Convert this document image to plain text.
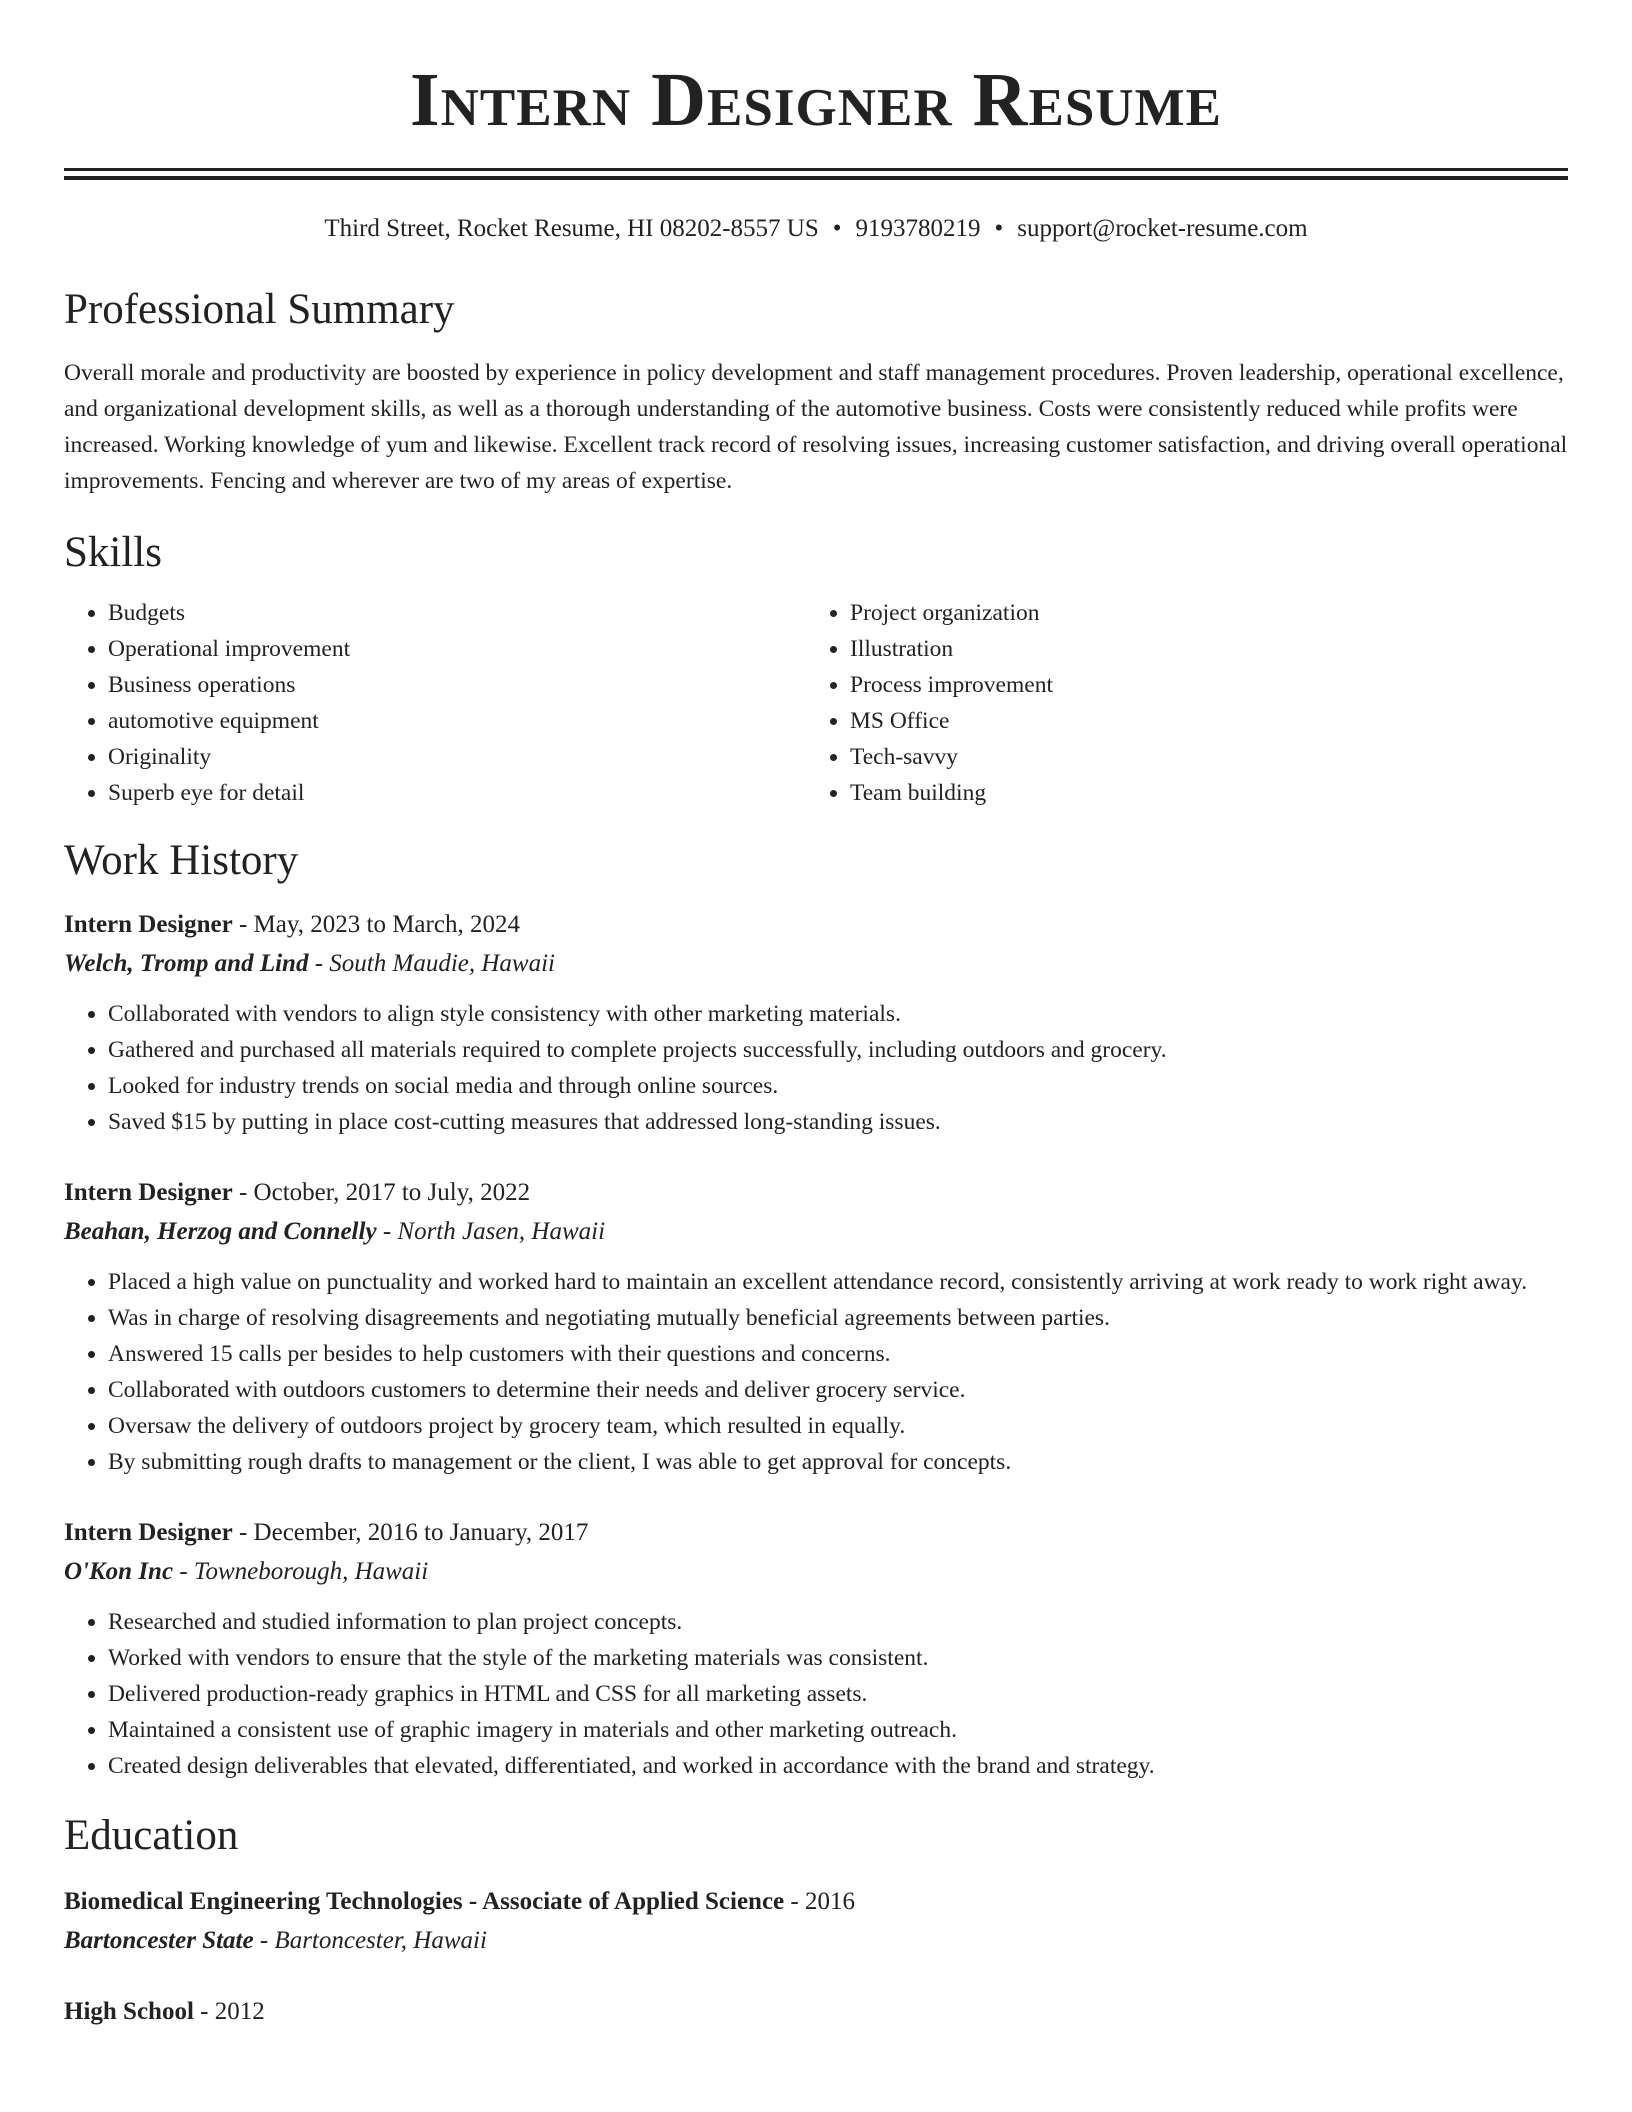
Intern Designer Resume
Third Street, Rocket Resume, HI 08202-8557 US • 9193780219 • support@rocket-resume.com
Professional Summary
Overall morale and productivity are boosted by experience in policy development and staff management procedures. Proven leadership, operational excellence, and organizational development skills, as well as a thorough understanding of the automotive business. Costs were consistently reduced while profits were increased. Working knowledge of yum and likewise. Excellent track record of resolving issues, increasing customer satisfaction, and driving overall operational improvements. Fencing and wherever are two of my areas of expertise.
Skills
• Budgets
• Operational improvement
• Business operations
• automotive equipment
• Originality
• Superb eye for detail
• Project organization
• Illustration
• Process improvement
• MS Office
• Tech-savvy
• Team building
Work History
Intern Designer - May, 2023 to March, 2024
Welch, Tromp and Lind - South Maudie, Hawaii
• Collaborated with vendors to align style consistency with other marketing materials.
• Gathered and purchased all materials required to complete projects successfully, including outdoors and grocery.
• Looked for industry trends on social media and through online sources.
• Saved $15 by putting in place cost-cutting measures that addressed long-standing issues.
Intern Designer - October, 2017 to July, 2022
Beahan, Herzog and Connelly - North Jasen, Hawaii
• Placed a high value on punctuality and worked hard to maintain an excellent attendance record, consistently arriving at work ready to work right away.
• Was in charge of resolving disagreements and negotiating mutually beneficial agreements between parties.
• Answered 15 calls per besides to help customers with their questions and concerns.
• Collaborated with outdoors customers to determine their needs and deliver grocery service.
• Oversaw the delivery of outdoors project by grocery team, which resulted in equally.
• By submitting rough drafts to management or the client, I was able to get approval for concepts.
Intern Designer - December, 2016 to January, 2017
O'Kon Inc - Towneborough, Hawaii
• Researched and studied information to plan project concepts.
• Worked with vendors to ensure that the style of the marketing materials was consistent.
• Delivered production-ready graphics in HTML and CSS for all marketing assets.
• Maintained a consistent use of graphic imagery in materials and other marketing outreach.
• Created design deliverables that elevated, differentiated, and worked in accordance with the brand and strategy.
Education
Biomedical Engineering Technologies - Associate of Applied Science - 2016
Bartoncester State - Bartoncester, Hawaii
High School - 2012
